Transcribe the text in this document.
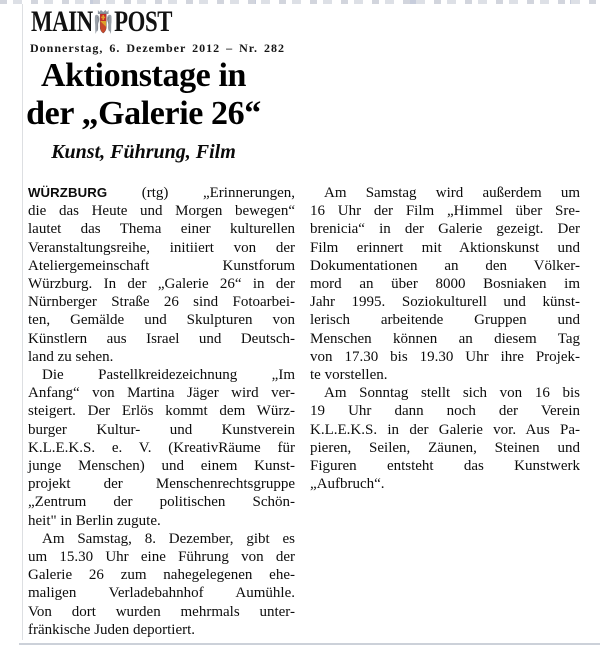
MAIN POST
Donnerstag, 6. Dezember 2012 – Nr. 282
Aktionstage in
der „Galerie 26“
Kunst, Führung, Film
WÜRZBURG (rtg) „Erinnerungen,
die das Heute und Morgen bewegen“
lautet das Thema einer kulturellen
Veranstaltungsreihe, initiiert von der
Ateliergemeinschaft Kunstforum
Würzburg. In der „Galerie 26“ in der
Nürnberger Straße 26 sind Fotoarbei-
ten, Gemälde und Skulpturen von
Künstlern aus Israel und Deutsch-
land zu sehen.
Die Pastellkreidezeichnung „Im
Anfang“ von Martina Jäger wird ver-
steigert. Der Erlös kommt dem Würz-
burger Kultur- und Kunstverein
K.L.E.K.S. e. V. (KreativRäume für
junge Menschen) und einem Kunst-
projekt der Menschenrechtsgruppe
„Zentrum der politischen Schön-
heit" in Berlin zugute.
Am Samstag, 8. Dezember, gibt es
um 15.30 Uhr eine Führung von der
Galerie 26 zum nahegelegenen ehe-
maligen Verladebahnhof Aumühle.
Von dort wurden mehrmals unter-
fränkische Juden deportiert.
Am Samstag wird außerdem um
16 Uhr der Film „Himmel über Sre-
brenicia“ in der Galerie gezeigt. Der
Film erinnert mit Aktionskunst und
Dokumentationen an den Völker-
mord an über 8000 Bosniaken im
Jahr 1995. Soziokulturell und künst-
lerisch arbeitende Gruppen und
Menschen können an diesem Tag
von 17.30 bis 19.30 Uhr ihre Projek-
te vorstellen.
Am Sonntag stellt sich von 16 bis
19 Uhr dann noch der Verein
K.L.E.K.S. in der Galerie vor. Aus Pa-
pieren, Seilen, Zäunen, Steinen und
Figuren entsteht das Kunstwerk
„Aufbruch“.
